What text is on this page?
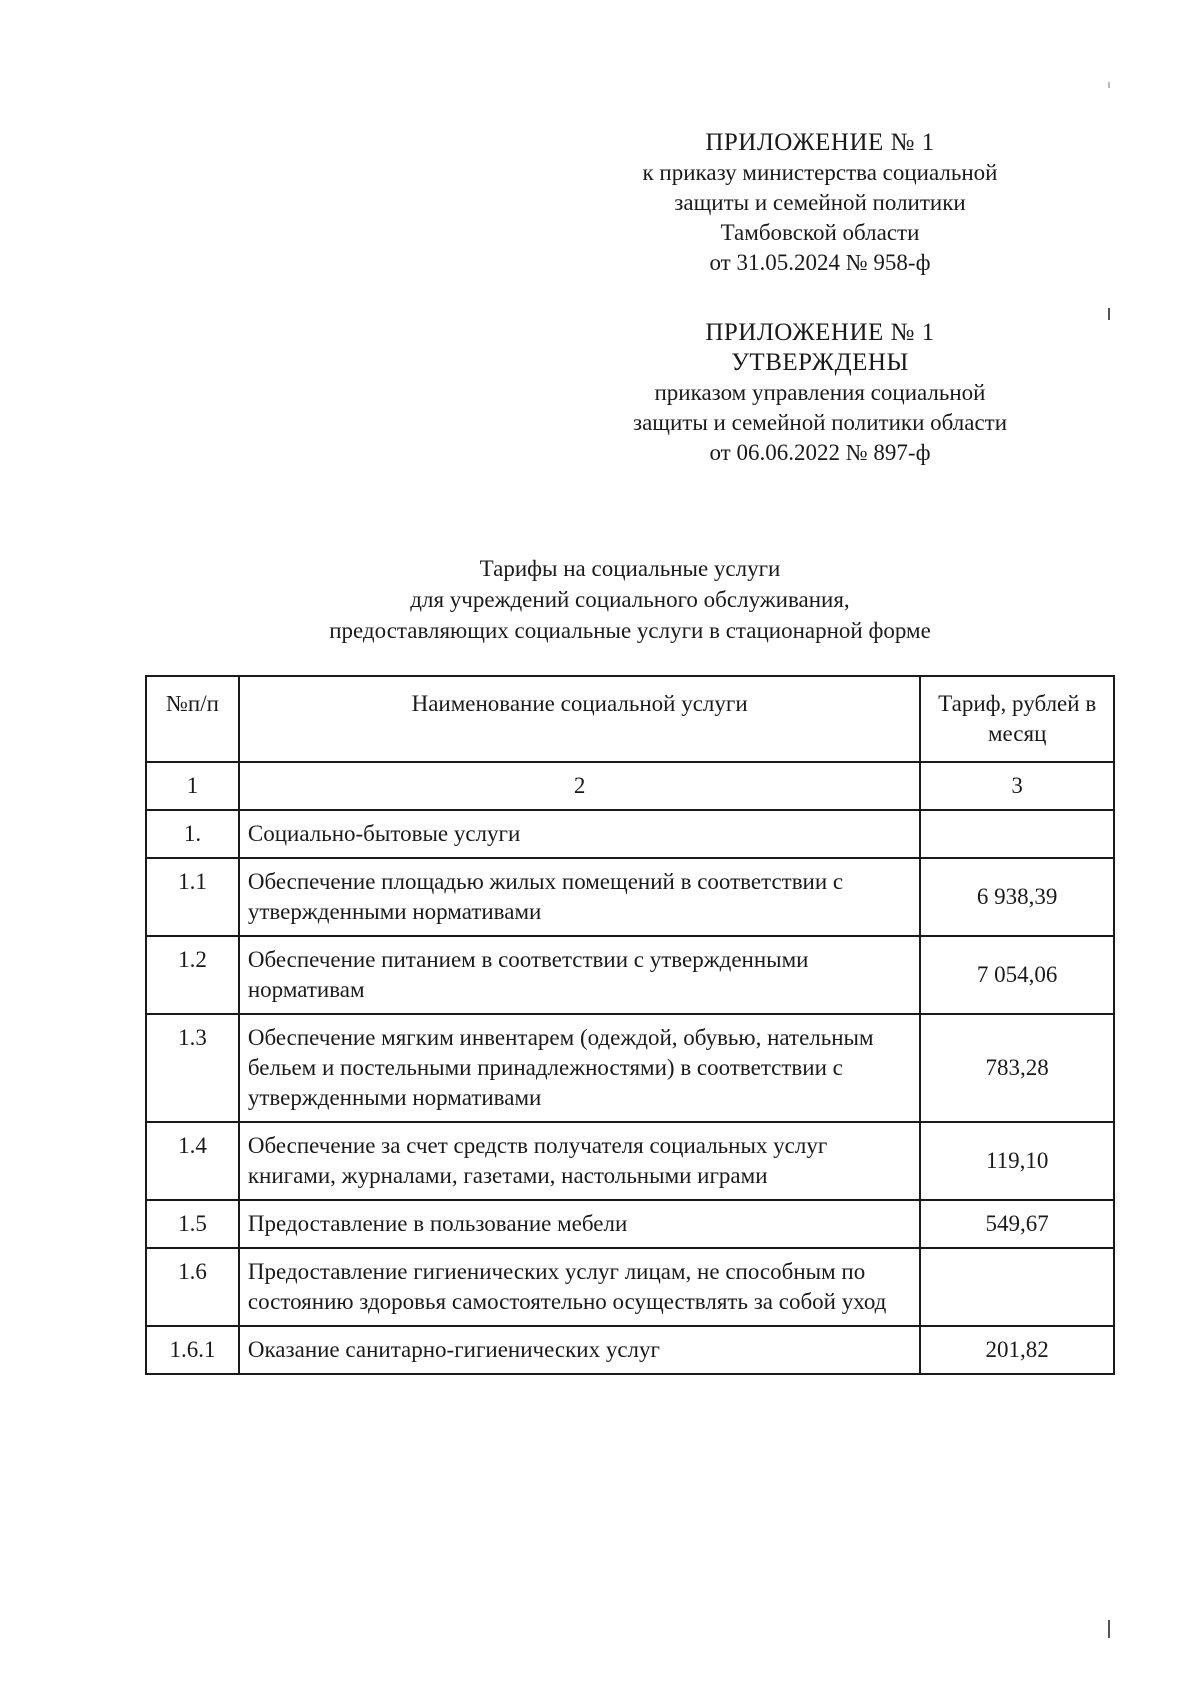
ПРИЛОЖЕНИЕ № 1
к приказу министерства социальной
защиты и семейной политики
Тамбовской области
от 31.05.2024 № 958-ф
ПРИЛОЖЕНИЕ № 1
УТВЕРЖДЕНЫ
приказом управления социальной
защиты и семейной политики области
от 06.06.2022 № 897-ф
Тарифы на социальные услуги
для учреждений социального обслуживания,
предоставляющих социальные услуги в стационарной форме
№п/п	Наименование социальной услуги	Тариф, рублей в месяц
1	2	3
1.	Социально-бытовые услуги	
1.1	Обеспечение площадью жилых помещений в соответствии с утвержденными нормативами	6 938,39
1.2	Обеспечение питанием в соответствии с утвержденными нормативам	7 054,06
1.3	Обеспечение мягким инвентарем (одеждой, обувью, нательным бельем и постельными принадлежностями) в соответствии с утвержденными нормативами	783,28
1.4	Обеспечение за счет средств получателя социальных услуг книгами, журналами, газетами, настольными играми	119,10
1.5	Предоставление в пользование мебели	549,67
1.6	Предоставление гигиенических услуг лицам, не способным по состоянию здоровья самостоятельно осуществлять за собой уход	
1.6.1	Оказание санитарно-гигиенических услуг	201,82
